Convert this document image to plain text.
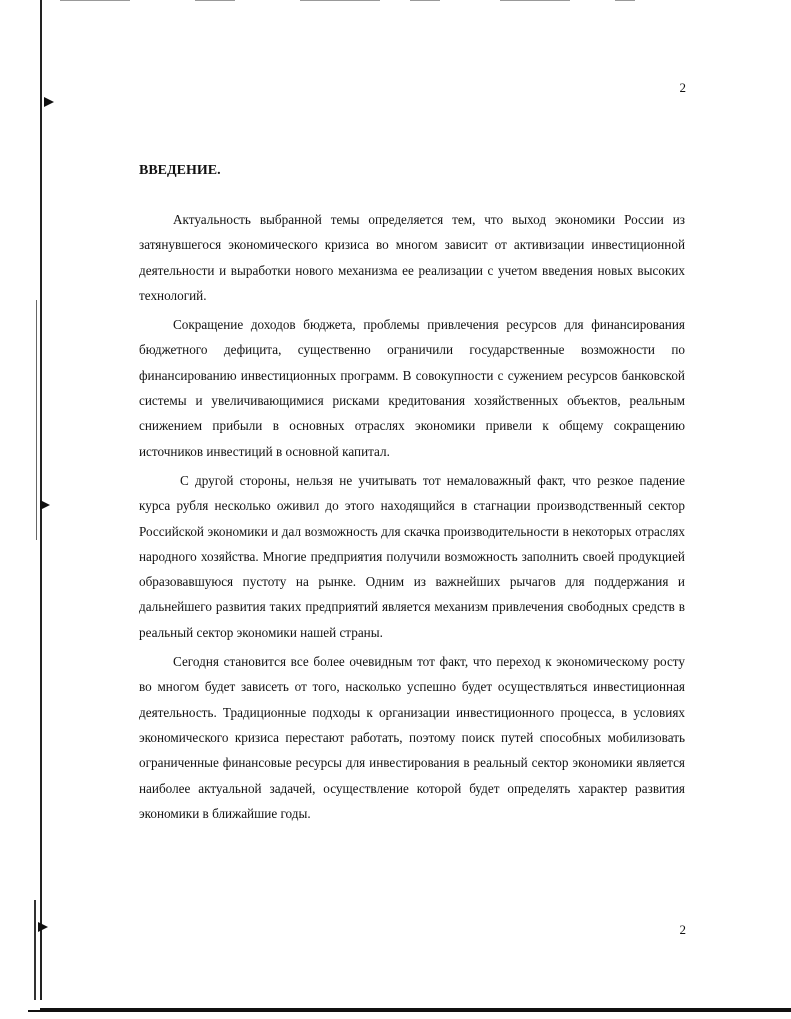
2
ВВЕДЕНИЕ.

Актуальность выбранной темы определяется тем, что выход экономики России из затянувшегося экономического кризиса во многом зависит от активизации инвестиционной деятельности и выработки нового механизма ее реализации с учетом введения новых высоких технологий.

Сокращение доходов бюджета, проблемы привлечения ресурсов для финансирования бюджетного дефицита, существенно ограничили государственные возможности по финансированию инвестиционных программ. В совокупности с сужением ресурсов банковской системы и увеличивающимися рисками кредитования хозяйственных объектов, реальным снижением прибыли в основных отраслях экономики привели к общему сокращению источников инвестиций в основной капитал.

С другой стороны, нельзя не учитывать тот немаловажный факт, что резкое падение курса рубля несколько оживил до этого находящийся в стагнации производственный сектор Российской экономики и дал возможность для скачка производительности в некоторых отраслях народного хозяйства. Многие предприятия получили возможность заполнить своей продукцией образовавшуюся пустоту на рынке. Одним из важнейших рычагов для поддержания и дальнейшего развития таких предприятий является механизм привлечения свободных средств в реальный сектор экономики нашей страны.

Сегодня становится все более очевидным тот факт, что переход к экономическому росту во многом будет зависеть от того, насколько успешно будет осуществляться инвестиционная деятельность. Традиционные подходы к организации инвестиционного процесса, в условиях экономического кризиса перестают работать, поэтому поиск путей способных мобилизовать ограниченные финансовые ресурсы для инвестирования в реальный сектор экономики является наиболее актуальной задачей, осуществление которой будет определять характер развития экономики в ближайшие годы.

2
